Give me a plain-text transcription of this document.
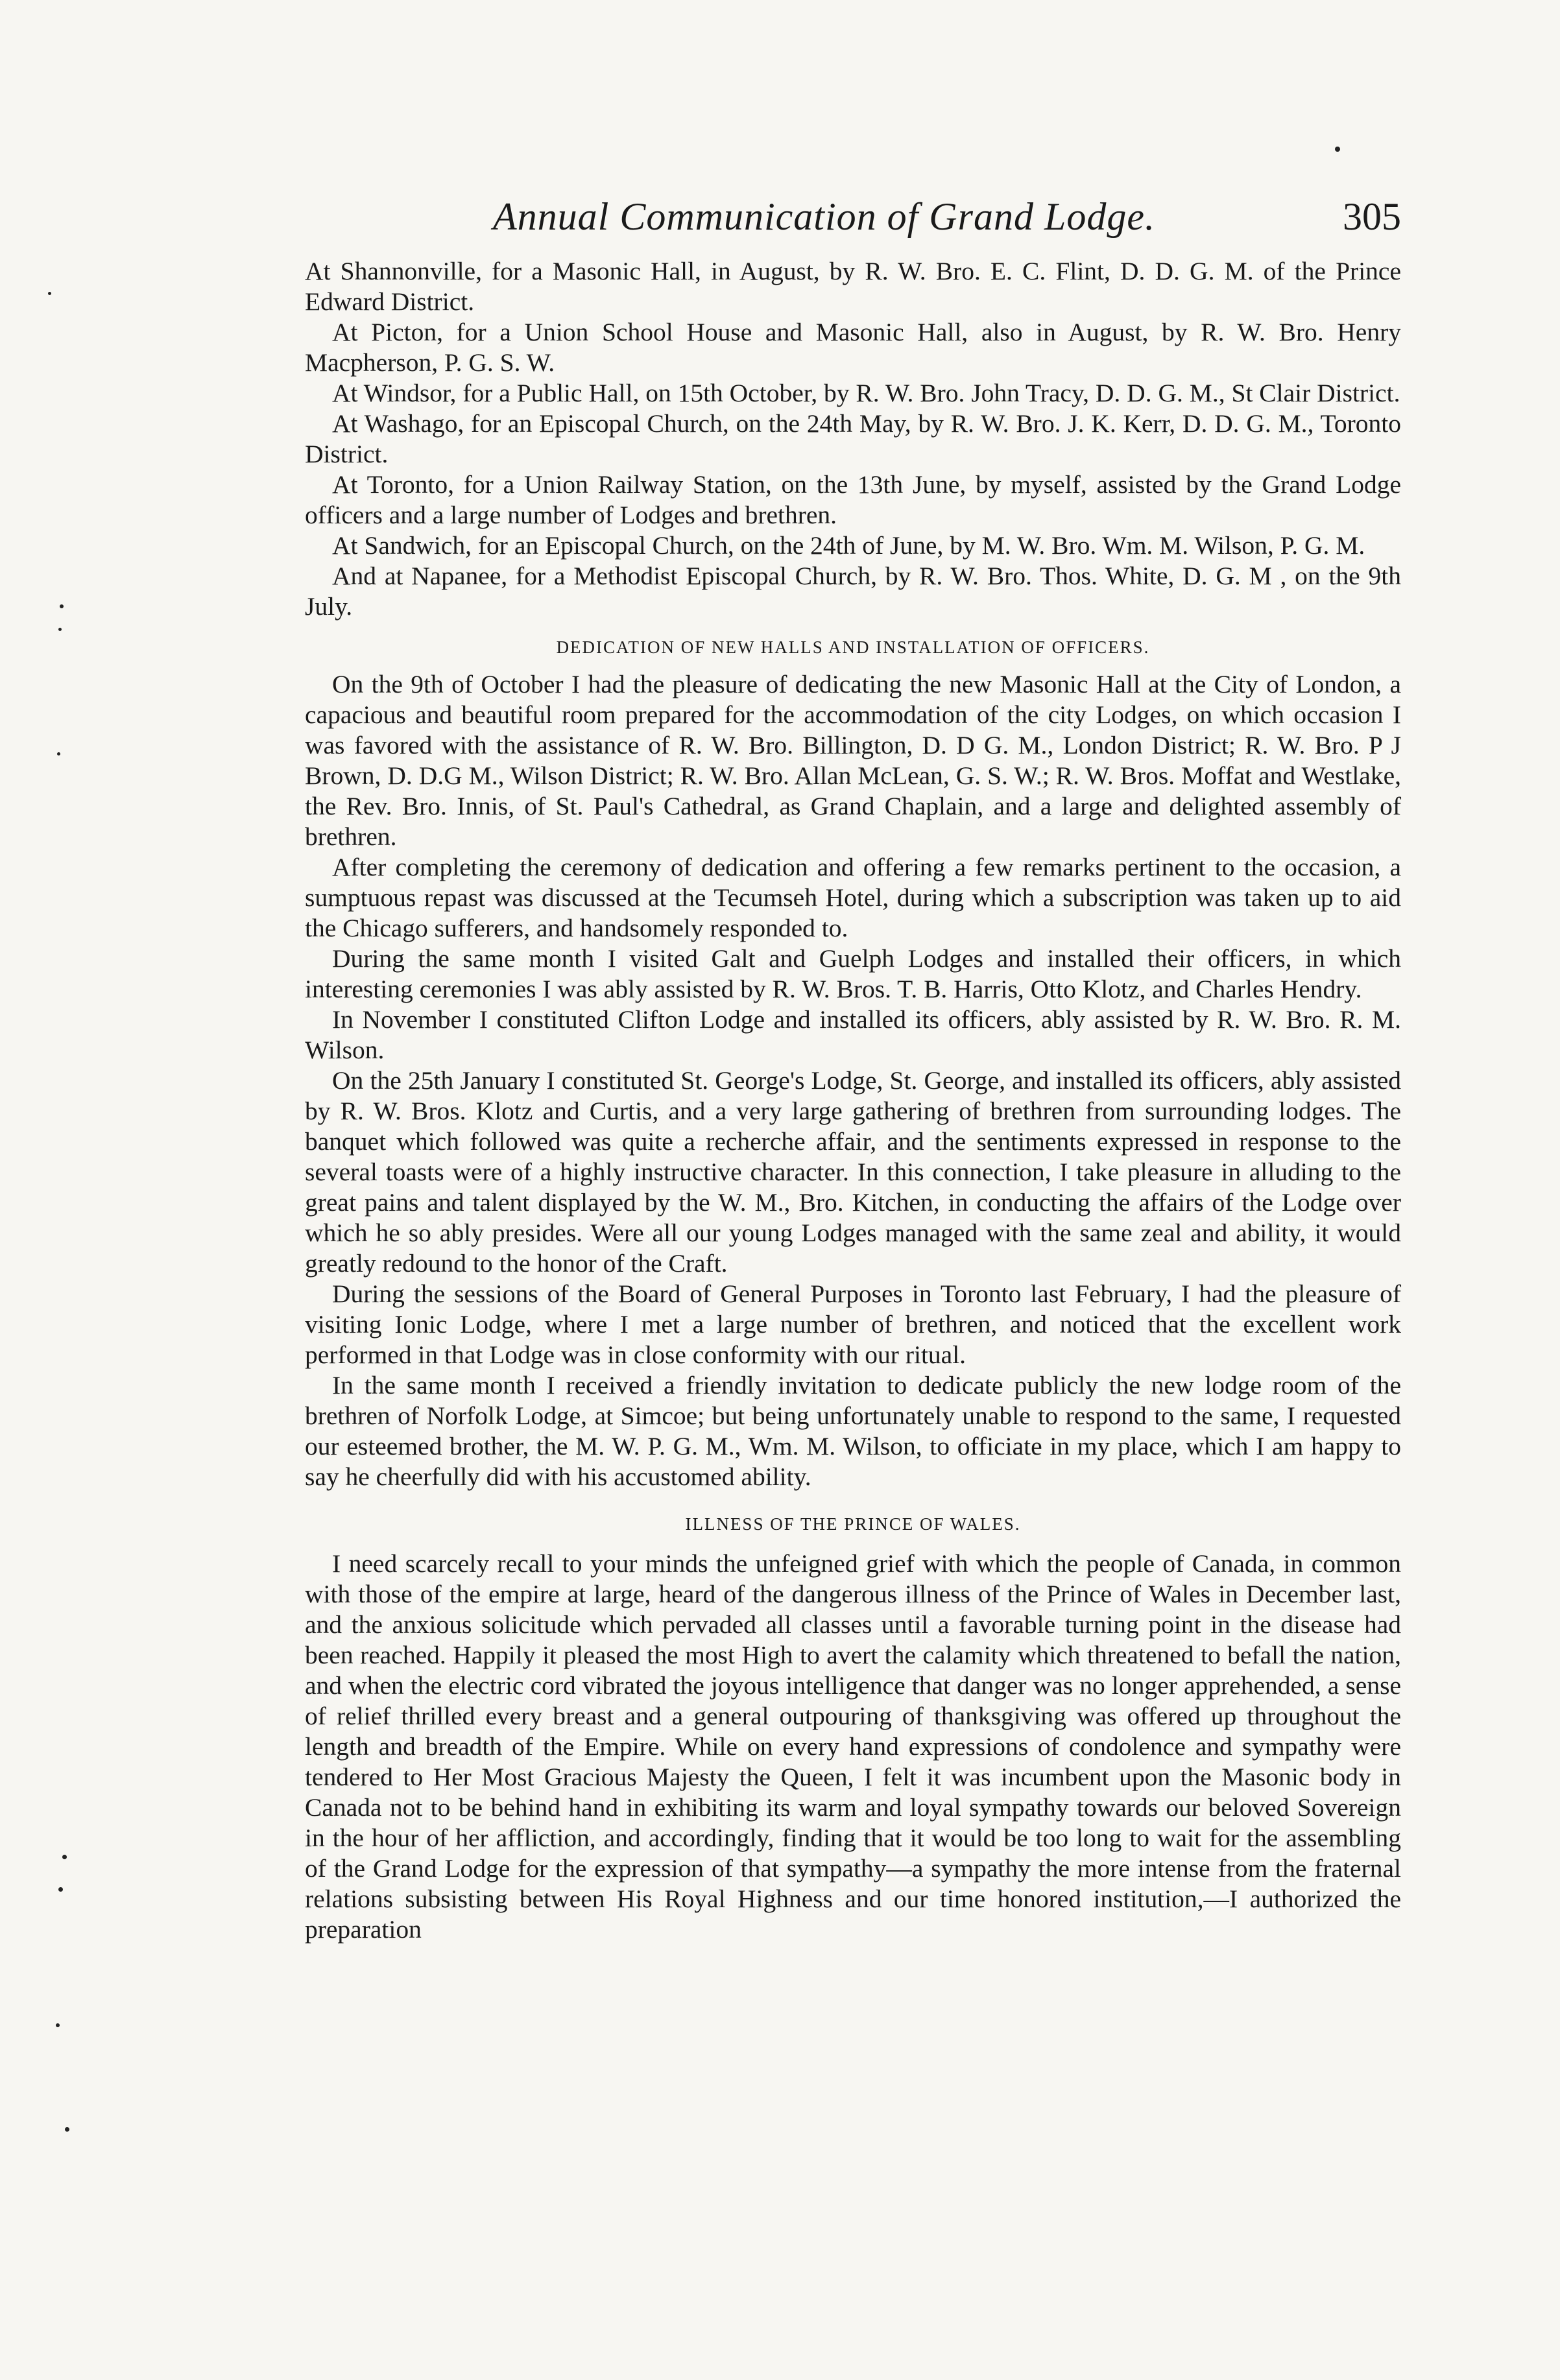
Annual Communication of Grand Lodge.	305

At Shannonville, for a Masonic Hall, in August, by R. W. Bro. E. C. Flint, D. D. G. M. of the Prince Edward District.

At Picton, for a Union School House and Masonic Hall, also in August, by R. W. Bro. Henry Macpherson, P. G. S. W.

At Windsor, for a Public Hall, on 15th October, by R. W. Bro. John Tracy, D. D. G. M., St Clair District.

At Washago, for an Episcopal Church, on the 24th May, by R. W. Bro. J. K. Kerr, D. D. G. M., Toronto District.

At Toronto, for a Union Railway Station, on the 13th June, by myself, assisted by the Grand Lodge officers and a large number of Lodges and brethren.

At Sandwich, for an Episcopal Church, on the 24th of June, by M. W. Bro. Wm. M. Wilson, P. G. M.

And at Napanee, for a Methodist Episcopal Church, by R. W. Bro. Thos. White, D. G. M , on the 9th July.

DEDICATION OF NEW HALLS AND INSTALLATION OF OFFICERS.

On the 9th of October I had the pleasure of dedicating the new Masonic Hall at the City of London, a capacious and beautiful room prepared for the accommodation of the city Lodges, on which occasion I was favored with the assistance of R. W. Bro. Billington, D. D G. M., London District; R. W. Bro. P J Brown, D. D.G M., Wilson District; R. W. Bro. Allan McLean, G. S. W.; R. W. Bros. Moffat and Westlake, the Rev. Bro. Innis, of St. Paul's Cathedral, as Grand Chaplain, and a large and delighted assembly of brethren.

After completing the ceremony of dedication and offering a few remarks pertinent to the occasion, a sumptuous repast was discussed at the Tecumseh Hotel, during which a subscription was taken up to aid the Chicago sufferers, and handsomely responded to.

During the same month I visited Galt and Guelph Lodges and installed their officers, in which interesting ceremonies I was ably assisted by R. W. Bros. T. B. Harris, Otto Klotz, and Charles Hendry.

In November I constituted Clifton Lodge and installed its officers, ably assisted by R. W. Bro. R. M. Wilson.

On the 25th January I constituted St. George's Lodge, St. George, and installed its officers, ably assisted by R. W. Bros. Klotz and Curtis, and a very large gathering of brethren from surrounding lodges. The banquet which followed was quite a recherche affair, and the sentiments expressed in response to the several toasts were of a highly instructive character. In this connection, I take pleasure in alluding to the great pains and talent displayed by the W. M., Bro. Kitchen, in conducting the affairs of the Lodge over which he so ably presides. Were all our young Lodges managed with the same zeal and ability, it would greatly redound to the honor of the Craft.

During the sessions of the Board of General Purposes in Toronto last February, I had the pleasure of visiting Ionic Lodge, where I met a large number of brethren, and noticed that the excellent work performed in that Lodge was in close conformity with our ritual.

In the same month I received a friendly invitation to dedicate publicly the new lodge room of the brethren of Norfolk Lodge, at Simcoe; but being unfortunately unable to respond to the same, I requested our esteemed brother, the M. W. P. G. M., Wm. M. Wilson, to officiate in my place, which I am happy to say he cheerfully did with his accustomed ability.

ILLNESS OF THE PRINCE OF WALES.

I need scarcely recall to your minds the unfeigned grief with which the people of Canada, in common with those of the empire at large, heard of the dangerous illness of the Prince of Wales in December last, and the anxious solicitude which pervaded all classes until a favorable turning point in the disease had been reached. Happily it pleased the most High to avert the calamity which threatened to befall the nation, and when the electric cord vibrated the joyous intelligence that danger was no longer apprehended, a sense of relief thrilled every breast and a general outpouring of thanksgiving was offered up throughout the length and breadth of the Empire. While on every hand expressions of condolence and sympathy were tendered to Her Most Gracious Majesty the Queen, I felt it was incumbent upon the Masonic body in Canada not to be behind hand in exhibiting its warm and loyal sympathy towards our beloved Sovereign in the hour of her affliction, and accordingly, finding that it would be too long to wait for the assembling of the Grand Lodge for the expression of that sympathy—a sympathy the more intense from the fraternal relations subsisting between His Royal Highness and our time honored institution,—I authorized the preparation
